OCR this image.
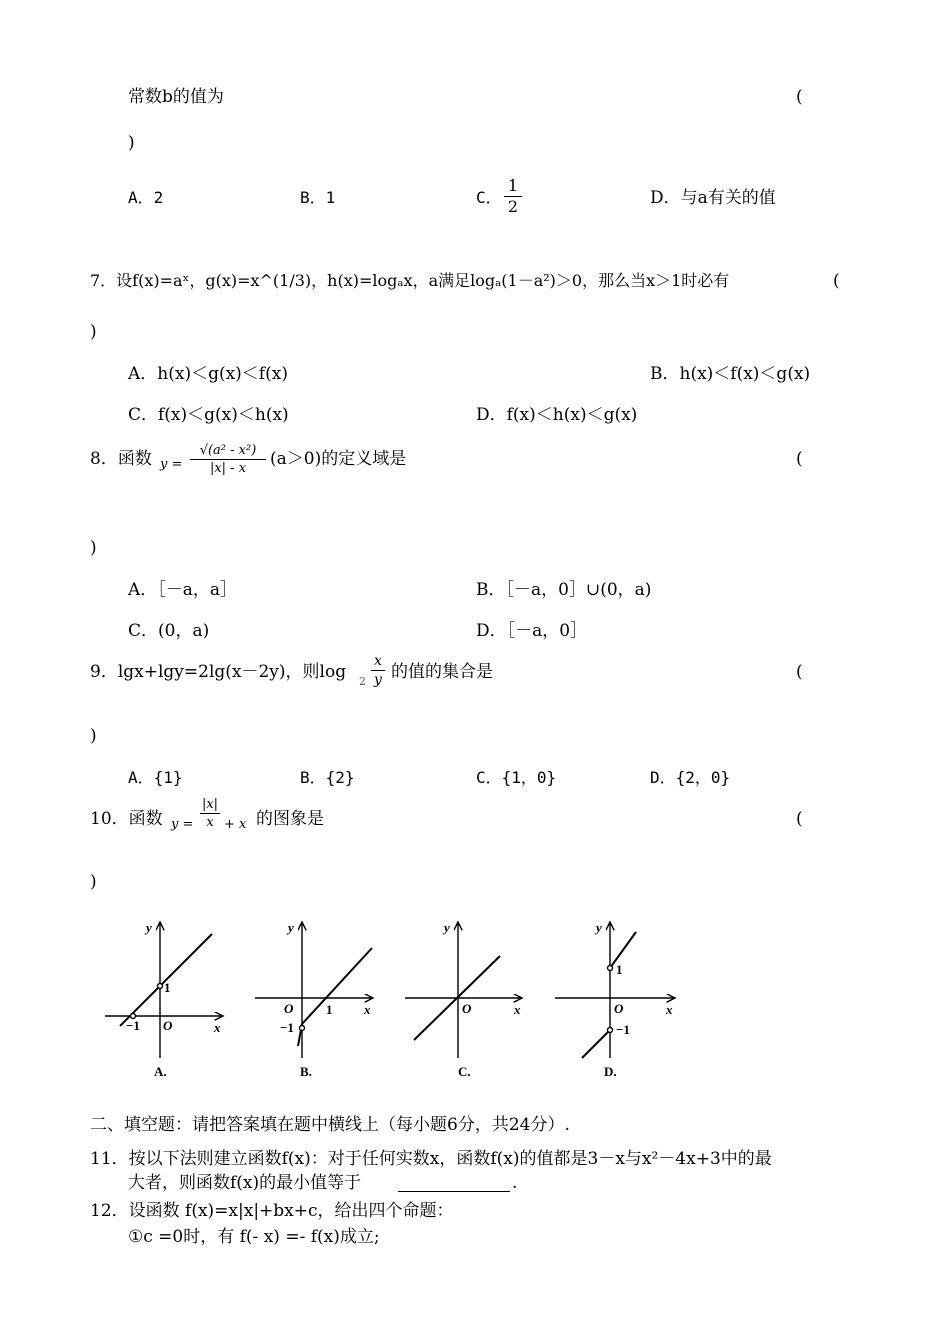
常数b的值为	(
)
A．2	B．1	C．
1
2	D．与a有关的值
7．设f(x)=aˣ，g(x)=x^(1/3)，h(x)=logₐx，a满足logₐ(1－a²)＞0，那么当x＞1时必有	(
)
A．h(x)＜g(x)＜f(x)	B．h(x)＜f(x)＜g(x)
C．f(x)＜g(x)＜h(x)	D．f(x)＜h(x)＜g(x)
8．函数 y =
√(a² - x²)
|x| - x	(a＞0)的定义域是	(
)
A．［－a，a］	B．［－a，0］∪(0，a)
C．(0，a)	D．［－a，0］
9．lgx+lgy=2lg(x－2y)，则log 2
x
y 的值的集合是	(
)
A．{1}	B．{2}	C．{1，0}	D．{2，0}
10．函数 y =
|x|
x + x 的图象是	(
)
y
x
O
1
−1
y
x
O	1
−1
y
x
O
y
x
O
1
−1
A.	B.	C.	D.
二、填空题：请把答案填在题中横线上（每小题6分，共24分）.
11．按以下法则建立函数f(x)：对于任何实数x，函数f(x)的值都是3－x与x²－4x+3中的最
大者，则函数f(x)的最小值等于	.
12．设函数 f(x)=x|x|+bx+c，给出四个命题：
①c =0时，有 f(- x) =- f(x)成立;
